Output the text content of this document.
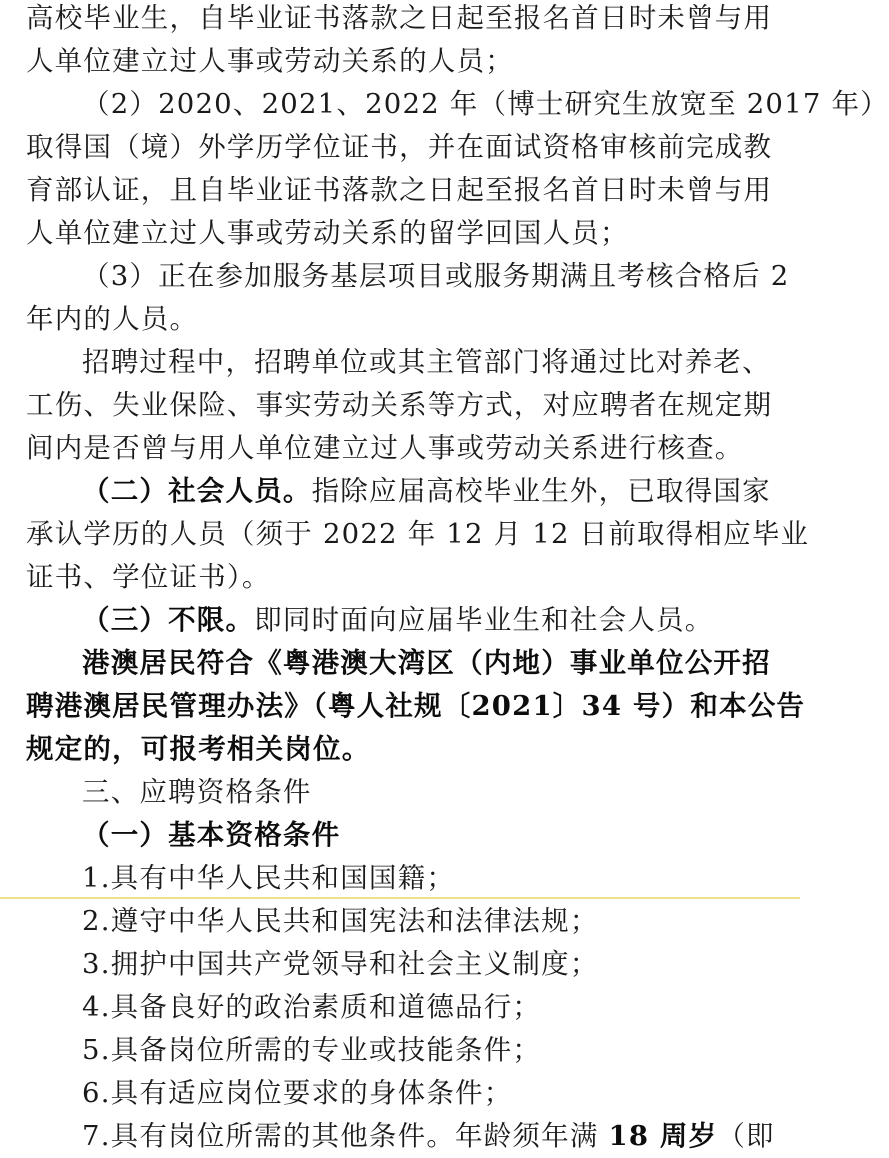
高校毕业生，自毕业证书落款之日起至报名首日时未曾与用
人单位建立过人事或劳动关系的人员；
（2）2020、2021、2022 年（博士研究生放宽至 2017 年）
取得国（境）外学历学位证书，并在面试资格审核前完成教
育部认证，且自毕业证书落款之日起至报名首日时未曾与用
人单位建立过人事或劳动关系的留学回国人员；
（3）正在参加服务基层项目或服务期满且考核合格后 2
年内的人员。
招聘过程中，招聘单位或其主管部门将通过比对养老、
工伤、失业保险、事实劳动关系等方式，对应聘者在规定期
间内是否曾与用人单位建立过人事或劳动关系进行核查。
（二）社会人员。指除应届高校毕业生外，已取得国家
承认学历的人员（须于 2022 年 12 月 12 日前取得相应毕业
证书、学位证书）。
（三）不限。即同时面向应届毕业生和社会人员。
港澳居民符合《粤港澳大湾区（内地）事业单位公开招
聘港澳居民管理办法》（粤人社规〔2021〕34 号）和本公告
规定的，可报考相关岗位。
三、应聘资格条件
（一）基本资格条件
1.具有中华人民共和国国籍；
2.遵守中华人民共和国宪法和法律法规；
3.拥护中国共产党领导和社会主义制度；
4.具备良好的政治素质和道德品行；
5.具备岗位所需的专业或技能条件；
6.具有适应岗位要求的身体条件；
7.具有岗位所需的其他条件。年龄须年满 18 周岁（即
